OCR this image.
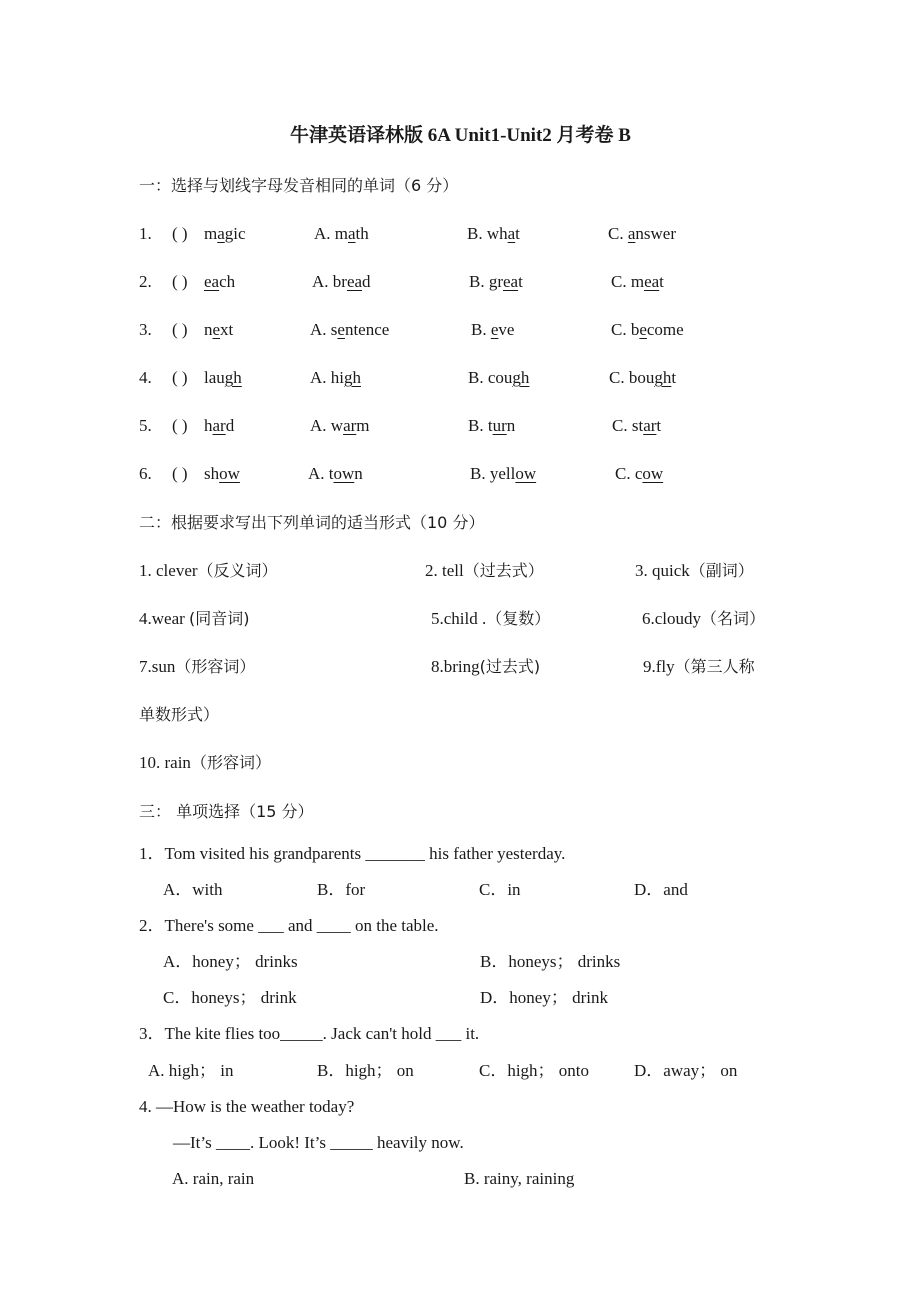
牛津英语译林版 6A Unit1-Unit2 月考卷 B
一：选择与划线字母发音相同的单词（6 分）
1. ( ) magic	A. math	B. what	C. answer
2. ( ) each	A. bread	B. great	C. meat
3. ( ) next	A. sentence	B. eve	C. become
4. ( ) laugh	A. high	B. cough	C. bought
5. ( ) hard	A. warm	B. turn	C. start
6. ( ) show	A. town	B. yellow	C. cow
二：根据要求写出下列单词的适当形式（10 分）
1. clever（反义词）	2. tell（过去式）	3. quick（副词）
4.wear (同音词)	5.child .（复数）	6.cloudy（名词）
7.sun（形容词）	8.bring(过去式)	9.fly（第三人称
单数形式）
10. rain（形容词）
三： 单项选择（15 分）
1．Tom visited his grandparents _______ his father yesterday.
A．with	B．for	C．in	D．and
2．There's some ___ and ____ on the table.
A．honey； drinks	B．honeys； drinks
C．honeys； drink	D．honey； drink
3．The kite flies too_____. Jack can't hold ___ it.
A. high； in	B．high； on	C．high； onto	D．away； on
4. —How is the weather today?
—It’s ____. Look! It’s _____ heavily now.
A. rain, rain	B. rainy, raining
